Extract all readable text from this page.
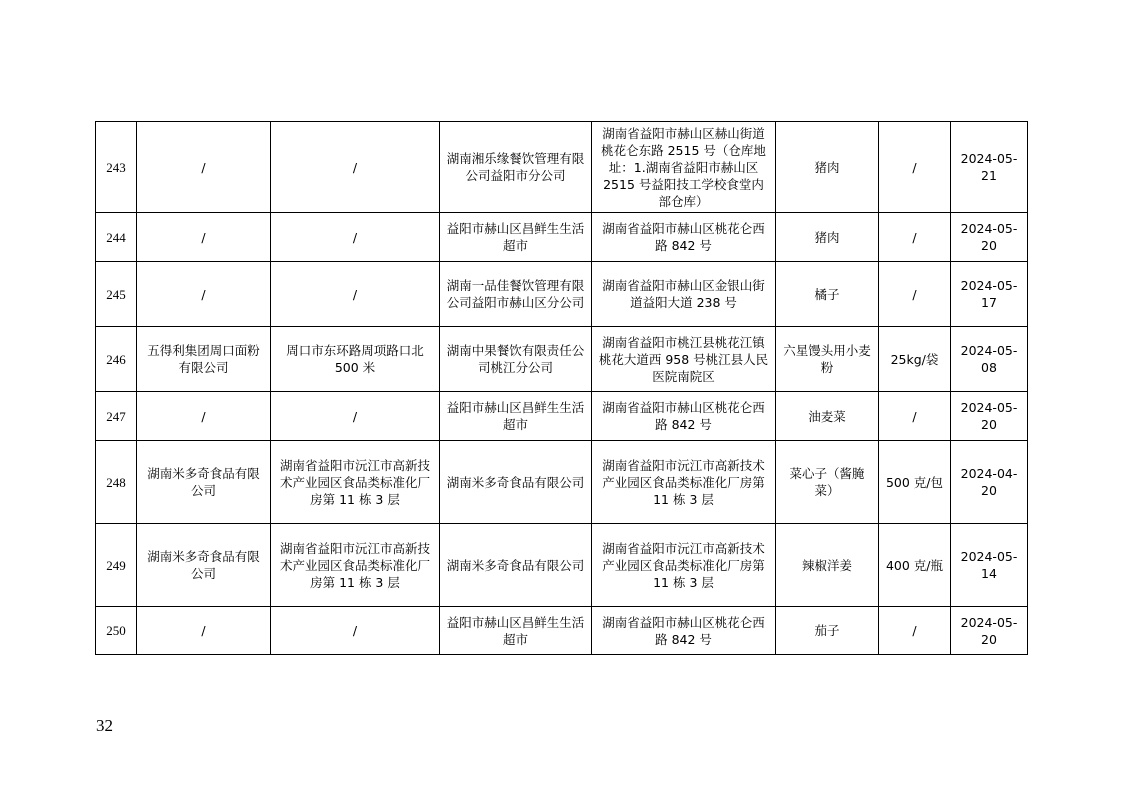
243	/	/	湖南湘乐缘餐饮管理有限公司益阳市分公司	湖南省益阳市赫山区赫山街道桃花仑东路 2515 号（仓库地址：1.湖南省益阳市赫山区 2515 号益阳技工学校食堂内部仓库）	猪肉	/	2024-05-21
244	/	/	益阳市赫山区昌鲜生生活超市	湖南省益阳市赫山区桃花仑西路 842 号	猪肉	/	2024-05-20
245	/	/	湖南一品佳餐饮管理有限公司益阳市赫山区分公司	湖南省益阳市赫山区金银山街道益阳大道 238 号	橘子	/	2024-05-17
246	五得利集团周口面粉有限公司	周口市东环路周项路口北 500 米	湖南中果餐饮有限责任公司桃江分公司	湖南省益阳市桃江县桃花江镇桃花大道西 958 号桃江县人民医院南院区	六星馒头用小麦粉	25kg/袋	2024-05-08
247	/	/	益阳市赫山区昌鲜生生活超市	湖南省益阳市赫山区桃花仑西路 842 号	油麦菜	/	2024-05-20
248	湖南米多奇食品有限公司	湖南省益阳市沅江市高新技术产业园区食品类标准化厂房第 11 栋 3 层	湖南米多奇食品有限公司	湖南省益阳市沅江市高新技术产业园区食品类标准化厂房第 11 栋 3 层	菜心子（酱腌菜）	500 克/包	2024-04-20
249	湖南米多奇食品有限公司	湖南省益阳市沅江市高新技术产业园区食品类标准化厂房第 11 栋 3 层	湖南米多奇食品有限公司	湖南省益阳市沅江市高新技术产业园区食品类标准化厂房第 11 栋 3 层	辣椒洋姜	400 克/瓶	2024-05-14
250	/	/	益阳市赫山区昌鲜生生活超市	湖南省益阳市赫山区桃花仑西路 842 号	茄子	/	2024-05-20
32
